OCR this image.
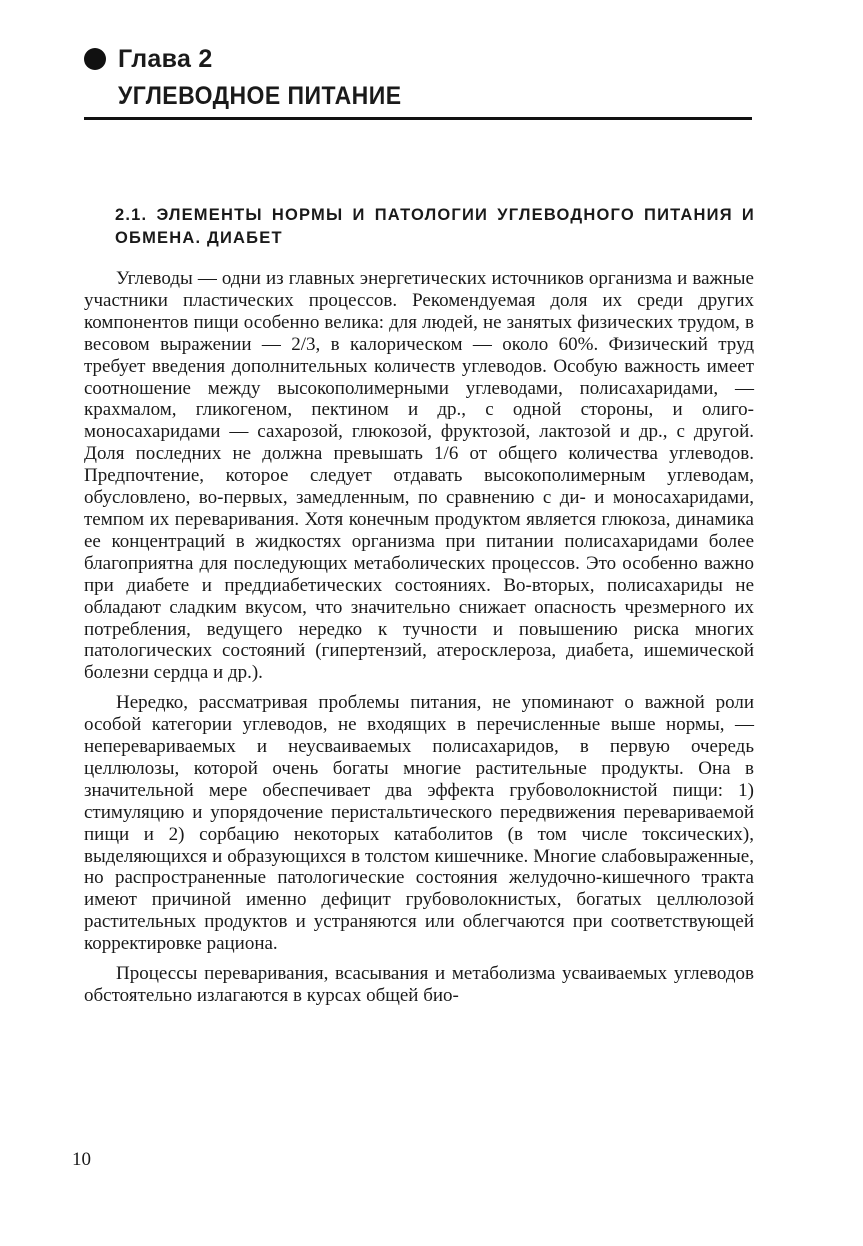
Глава 2
УГЛЕВОДНОЕ ПИТАНИЕ
2.1. ЭЛЕМЕНТЫ НОРМЫ И ПАТОЛОГИИ УГЛЕВОДНОГО ПИТАНИЯ И ОБМЕНА. ДИАБЕТ

Углеводы — одни из главных энергетических источников организма и важные участники пластических процессов. Рекомендуемая доля их среди других компонентов пищи особенно велика: для людей, не занятых физических трудом, в весовом выражении — 2/3, в калорическом — около 60%. Физический труд требует введения дополнительных количеств углеводов. Особую важность имеет соотношение между высокополимерными углеводами, полисахаридами, — крахмалом, гликогеном, пектином и др., с одной стороны, и олиго-моносахаридами — сахарозой, глюкозой, фруктозой, лактозой и др., с другой. Доля последних не должна превышать 1/6 от общего количества углеводов. Предпочтение, которое следует отдавать высокополимерным углеводам, обусловлено, во-первых, замедленным, по сравнению с ди- и моносахаридами, темпом их переваривания. Хотя конечным продуктом является глюкоза, динамика ее концентраций в жидкостях организма при питании полисахаридами более благоприятна для последующих метаболических процессов. Это особенно важно при диабете и преддиабетических состояниях. Во-вторых, полисахариды не обладают сладким вкусом, что значительно снижает опасность чрезмерного их потребления, ведущего нередко к тучности и повышению риска многих патологических состояний (гипертензий, атеросклероза, диабета, ишемической болезни сердца и др.).

Нередко, рассматривая проблемы питания, не упоминают о важной роли особой категории углеводов, не входящих в перечисленные выше нормы, — неперевариваемых и неусваиваемых полисахаридов, в первую очередь целлюлозы, которой очень богаты многие растительные продукты. Она в значительной мере обеспечивает два эффекта грубоволокнистой пищи: 1) стимуляцию и упорядочение перистальтического передвижения перевариваемой пищи и 2) сорбацию некоторых катаболитов (в том числе токсических), выделяющихся и образующихся в толстом кишечнике. Многие слабовыраженные, но распространенные патологические состояния желудочно-кишечного тракта имеют причиной именно дефицит грубоволокнистых, богатых целлюлозой растительных продуктов и устраняются или облегчаются при соответствующей корректировке рациона.

Процессы переваривания, всасывания и метаболизма усваиваемых углеводов обстоятельно излагаются в курсах общей био-

10
